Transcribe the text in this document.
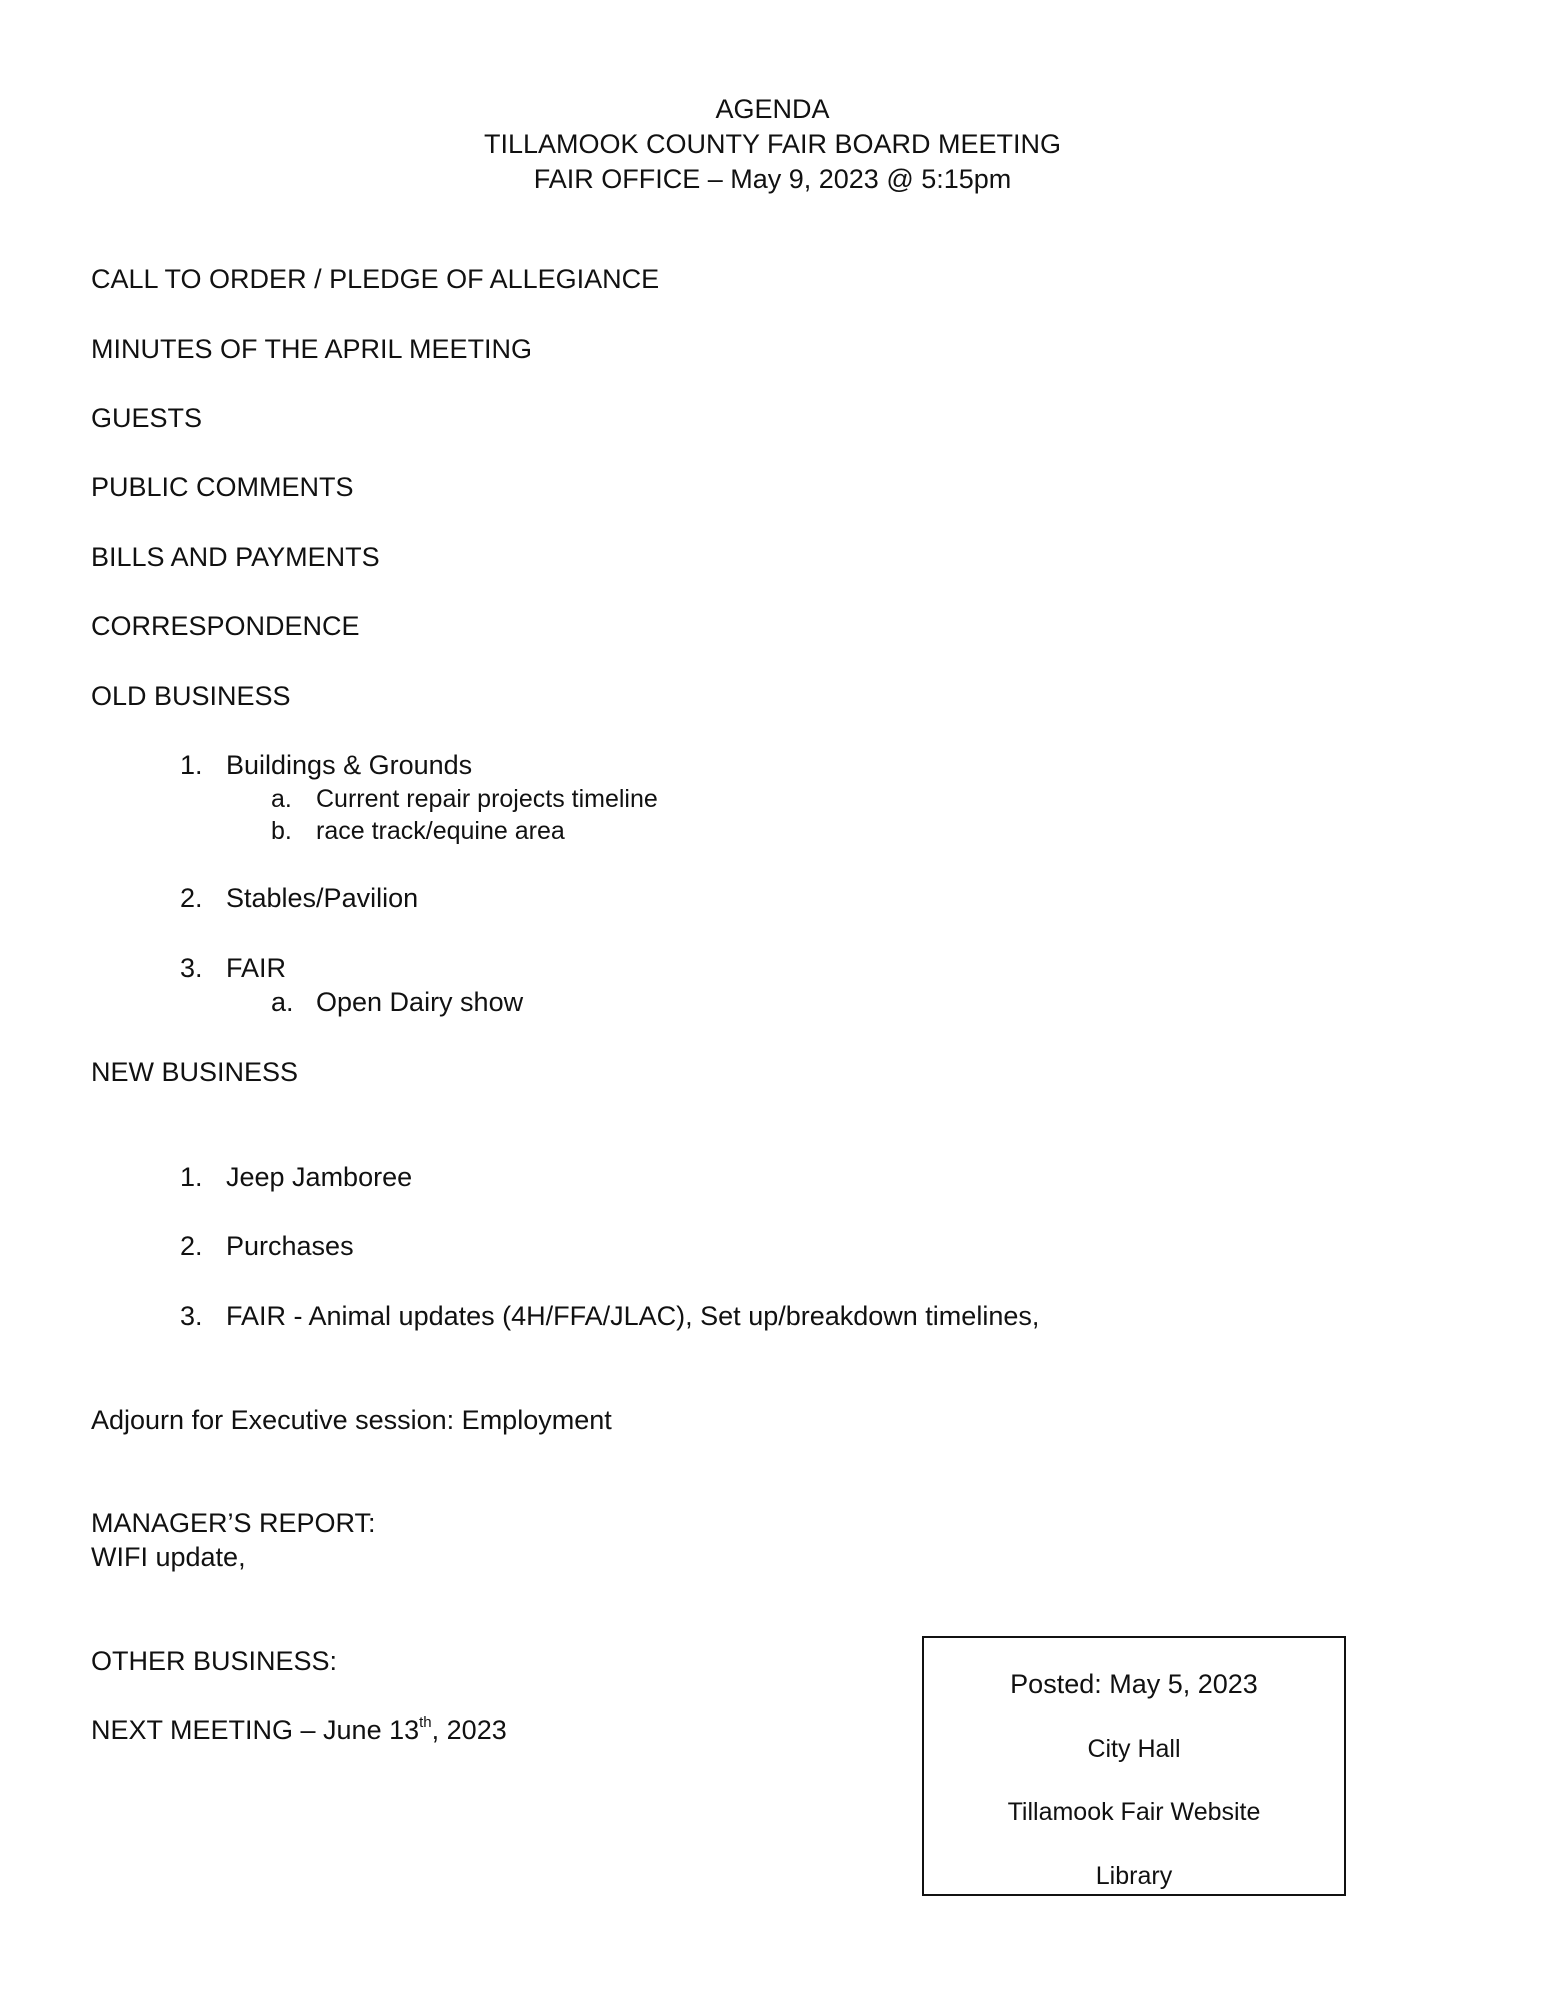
AGENDA
TILLAMOOK COUNTY FAIR BOARD MEETING
FAIR OFFICE – May 9, 2023 @ 5:15pm
CALL TO ORDER / PLEDGE OF ALLEGIANCE
MINUTES OF THE APRIL MEETING
GUESTS
PUBLIC COMMENTS
BILLS AND PAYMENTS
CORRESPONDENCE
OLD BUSINESS
1. Buildings & Grounds
a. Current repair projects timeline
b. race track/equine area
2. Stables/Pavilion
3. FAIR
a. Open Dairy show
NEW BUSINESS
1. Jeep Jamboree
2. Purchases
3. FAIR - Animal updates (4H/FFA/JLAC), Set up/breakdown timelines,
Adjourn for Executive session: Employment
MANAGER’S REPORT:
WIFI update,
OTHER BUSINESS:
NEXT MEETING – June 13th, 2023
Posted: May 5, 2023
City Hall
Tillamook Fair Website
Library
